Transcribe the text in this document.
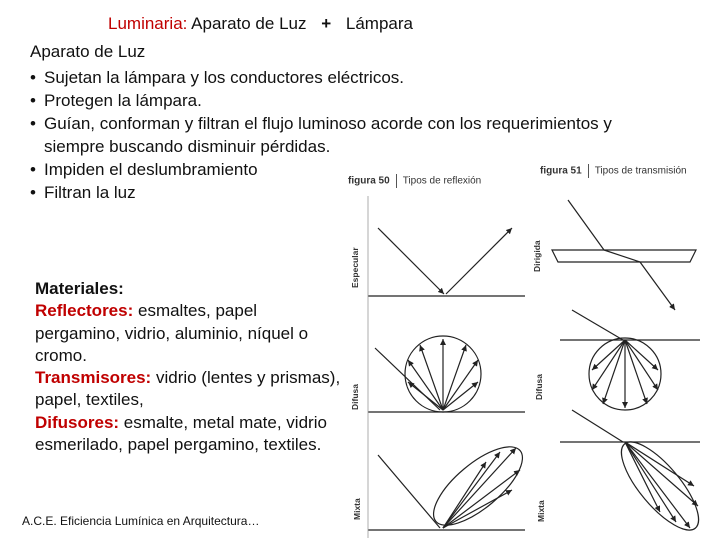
Luminaria: Aparato de Luz + Lámpara
Aparato de Luz
• Sujetan la lámpara y los conductores eléctricos.
• Protegen la lámpara.
• Guían, conforman y filtran el flujo luminoso acorde con los requerimientos y siempre buscando disminuir pérdidas.
• Impiden el deslumbramiento
• Filtran la luz
Materiales:
Reflectores: esmaltes, papel pergamino, vidrio, aluminio, níquel o cromo.
Transmisores: vidrio (lentes y prismas), papel, textiles,
Difusores: esmalte, metal mate, vidrio esmerilado, papel pergamino, textiles.
figura 50 Tipos de reflexión
figura 51 Tipos de transmisión
Especular
Difusa
Mixta
Dirigida
Difusa
Mixta
A.C.E. Eficiencia Lumínica en Arquitectura…
